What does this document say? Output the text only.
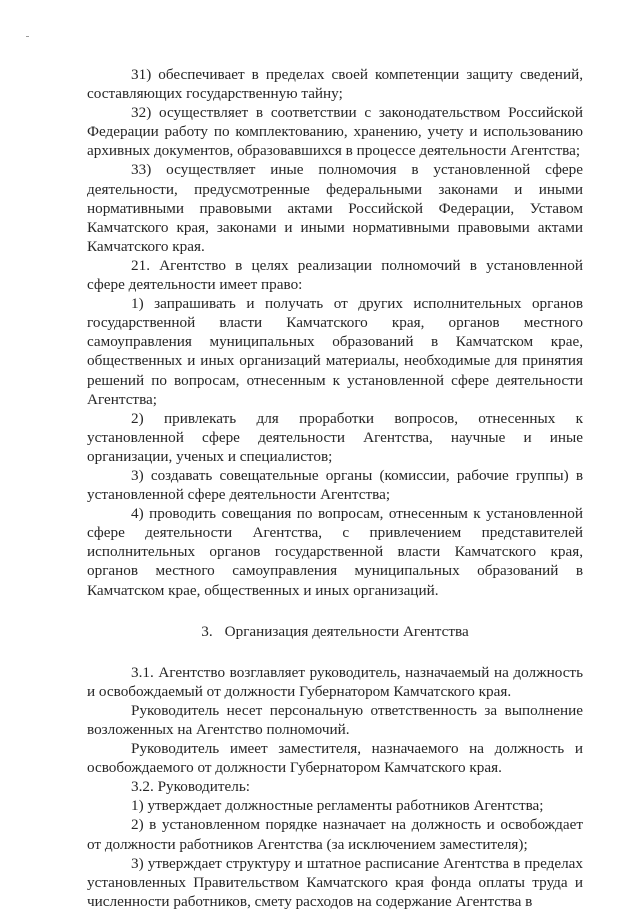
31) обеспечивает в пределах своей компетенции защиту сведений, составляющих государственную тайну;

32) осуществляет в соответствии с законодательством Российской Федерации работу по комплектованию, хранению, учету и использованию архивных документов, образовавшихся в процессе деятельности Агентства;

33) осуществляет иные полномочия в установленной сфере деятельности, предусмотренные федеральными законами и иными нормативными правовыми актами Российской Федерации, Уставом Камчатского края, законами и иными нормативными правовыми актами Камчатского края.

21. Агентство в целях реализации полномочий в установленной сфере деятельности имеет право:

1) запрашивать и получать от других исполнительных органов государственной власти Камчатского края, органов местного самоуправления муниципальных образований в Камчатском крае, общественных и иных организаций материалы, необходимые для принятия решений по вопросам, отнесенным к установленной сфере деятельности Агентства;

2) привлекать для проработки вопросов, отнесенных к установленной сфере деятельности Агентства, научные и иные организации, ученых и специалистов;

3) создавать совещательные органы (комиссии, рабочие группы) в установленной сфере деятельности Агентства;

4) проводить совещания по вопросам, отнесенным к установленной сфере деятельности Агентства, с привлечением представителей исполнительных органов государственной власти Камчатского края, органов местного самоуправления муниципальных образований в Камчатском крае, общественных и иных организаций.

3. Организация деятельности Агентства

3.1. Агентство возглавляет руководитель, назначаемый на должность и освобождаемый от должности Губернатором Камчатского края.

Руководитель несет персональную ответственность за выполнение возложенных на Агентство полномочий.

Руководитель имеет заместителя, назначаемого на должность и освобождаемого от должности Губернатором Камчатского края.

3.2. Руководитель:

1) утверждает должностные регламенты работников Агентства;

2) в установленном порядке назначает на должность и освобождает от должности работников Агентства (за исключением заместителя);

3) утверждает структуру и штатное расписание Агентства в пределах установленных Правительством Камчатского края фонда оплаты труда и численности работников, смету расходов на содержание Агентства в
